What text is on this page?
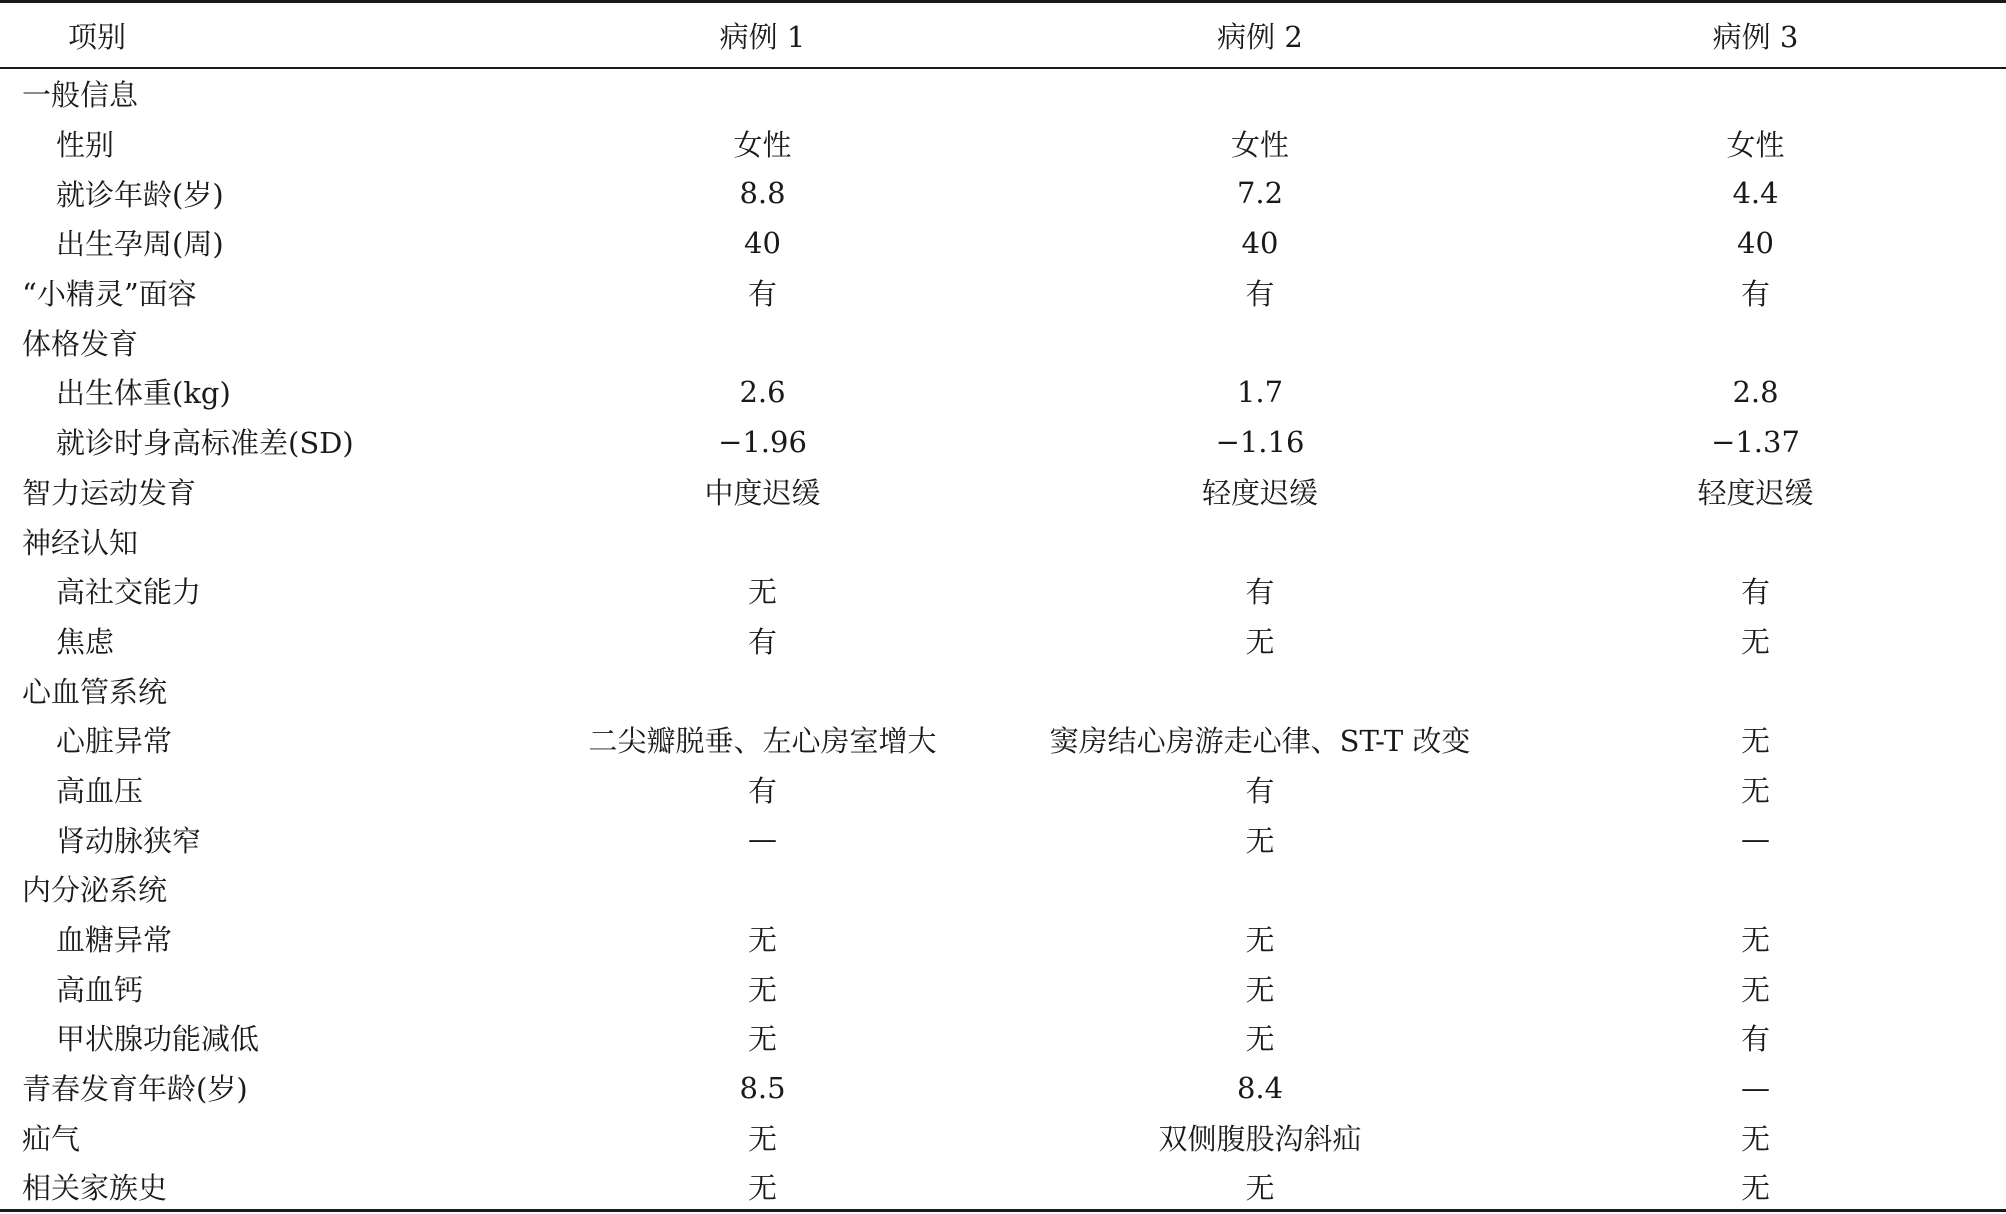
项别	病例 1	病例 2	病例 3
一般信息
性别	女性	女性	女性
就诊年龄(岁)	8.8	7.2	4.4
出生孕周(周)	40	40	40
“小精灵”面容	有	有	有
体格发育
出生体重(kg)	2.6	1.7	2.8
就诊时身高标准差(SD)	−1.96	−1.16	−1.37
智力运动发育	中度迟缓	轻度迟缓	轻度迟缓
神经认知
高社交能力	无	有	有
焦虑	有	无	无
心血管系统
心脏异常	二尖瓣脱垂、左心房室增大	窦房结心房游走心律、ST-T 改变	无
高血压	有	有	无
肾动脉狭窄	—	无	—
内分泌系统
血糖异常	无	无	无
高血钙	无	无	无
甲状腺功能减低	无	无	有
青春发育年龄(岁)	8.5	8.4	—
疝气	无	双侧腹股沟斜疝	无
相关家族史	无	无	无
